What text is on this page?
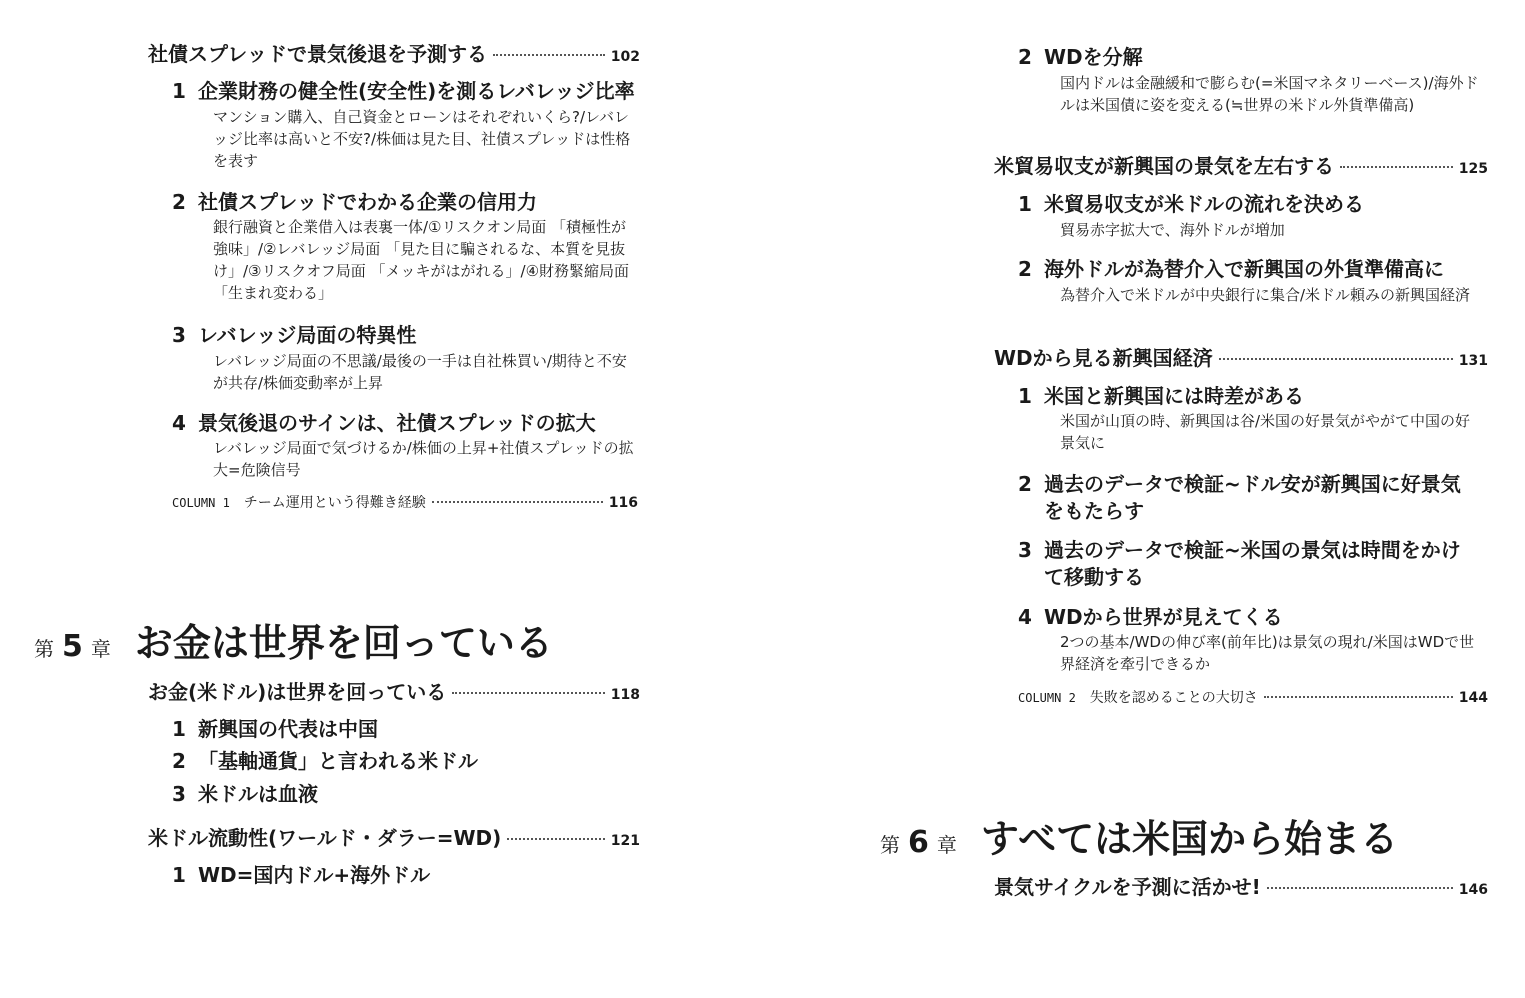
社債スプレッドで景気後退を予測する	102
1 企業財務の健全性(安全性)を測るレバレッジ比率
マンション購入、自己資金とローンはそれぞれいくら?/レバレッジ比率は高いと不安?/株価は見た目、社債スプレッドは性格を表す
2 社債スプレッドでわかる企業の信用力
銀行融資と企業借入は表裏一体/①リスクオン局面 「積極性が強味」/②レバレッジ局面 「見た目に騙されるな、本質を見抜け」/③リスクオフ局面 「メッキがはがれる」/④財務緊縮局面 「生まれ変わる」
3 レバレッジ局面の特異性
レバレッジ局面の不思議/最後の一手は自社株買い/期待と不安が共存/株価変動率が上昇
4 景気後退のサインは、社債スプレッドの拡大
レバレッジ局面で気づけるか/株価の上昇+社債スプレッドの拡大=危険信号
COLUMN 1 チーム運用という得難き経験	116
第 5 章 お金は世界を回っている
お金(米ドル)は世界を回っている	118
1 新興国の代表は中国
2 「基軸通貨」と言われる米ドル
3 米ドルは血液
米ドル流動性(ワールド・ダラー=WD)	121
1 WD=国内ドル+海外ドル
2 WDを分解
国内ドルは金融緩和で膨らむ(=米国マネタリーベース)/海外ドルは米国債に姿を変える(≒世界の米ドル外貨準備高)
米貿易収支が新興国の景気を左右する	125
1 米貿易収支が米ドルの流れを決める
貿易赤字拡大で、海外ドルが増加
2 海外ドルが為替介入で新興国の外貨準備高に
為替介入で米ドルが中央銀行に集合/米ドル頼みの新興国経済
WDから見る新興国経済	131
1 米国と新興国には時差がある
米国が山頂の時、新興国は谷/米国の好景気がやがて中国の好景気に
2 過去のデータで検証~ドル安が新興国に好景気をもたらす
3 過去のデータで検証~米国の景気は時間をかけて移動する
4 WDから世界が見えてくる
2つの基本/WDの伸び率(前年比)は景気の現れ/米国はWDで世界経済を牽引できるか
COLUMN 2 失敗を認めることの大切さ	144
第 6 章 すべては米国から始まる
景気サイクルを予測に活かせ!	146
